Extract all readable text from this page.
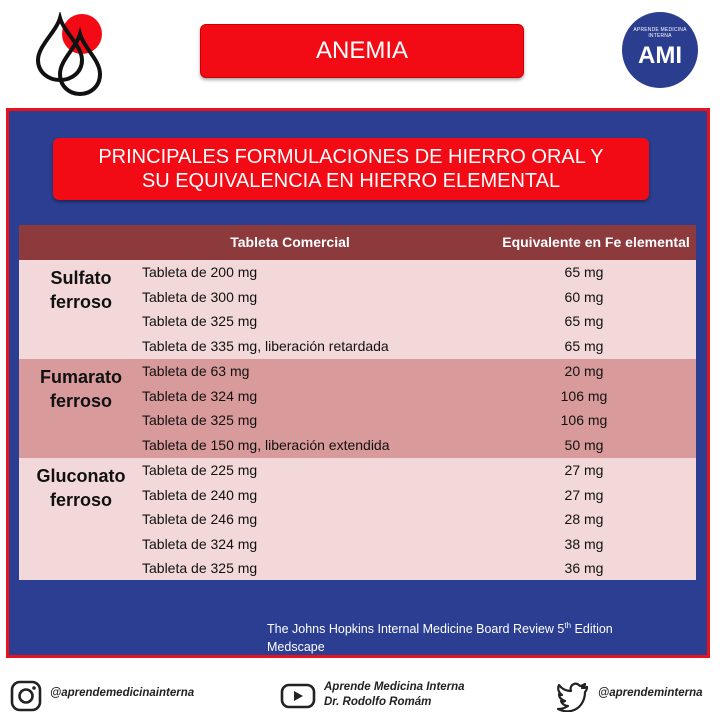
ANEMIA
APRENDE MEDICINA INTERNA
AMI
PRINCIPALES FORMULACIONES DE HIERRO ORAL Y
SU EQUIVALENCIA EN HIERRO ELEMENTAL
Tableta Comercial	Equivalente en Fe elemental
Sulfato
ferroso
Tableta de 200 mg	65 mg
Tableta de 300 mg	60 mg
Tableta de 325 mg	65 mg
Tableta de 335 mg, liberación retardada	65 mg
Fumarato
ferroso
Tableta de 63 mg	20 mg
Tableta de 324 mg	106 mg
Tableta de 325 mg	106 mg
Tableta de 150 mg, liberación extendida	50 mg
Gluconato
ferroso
Tableta de 225 mg	27 mg
Tableta de 240 mg	27 mg
Tableta de 246 mg	28 mg
Tableta de 324 mg	38 mg
Tableta de 325 mg	36 mg
The Johns Hopkins Internal Medicine Board Review 5th Edition
Medscape
@aprendemedicinainterna	Aprende Medicina Interna
Dr. Rodolfo Romám
@aprendeminterna
